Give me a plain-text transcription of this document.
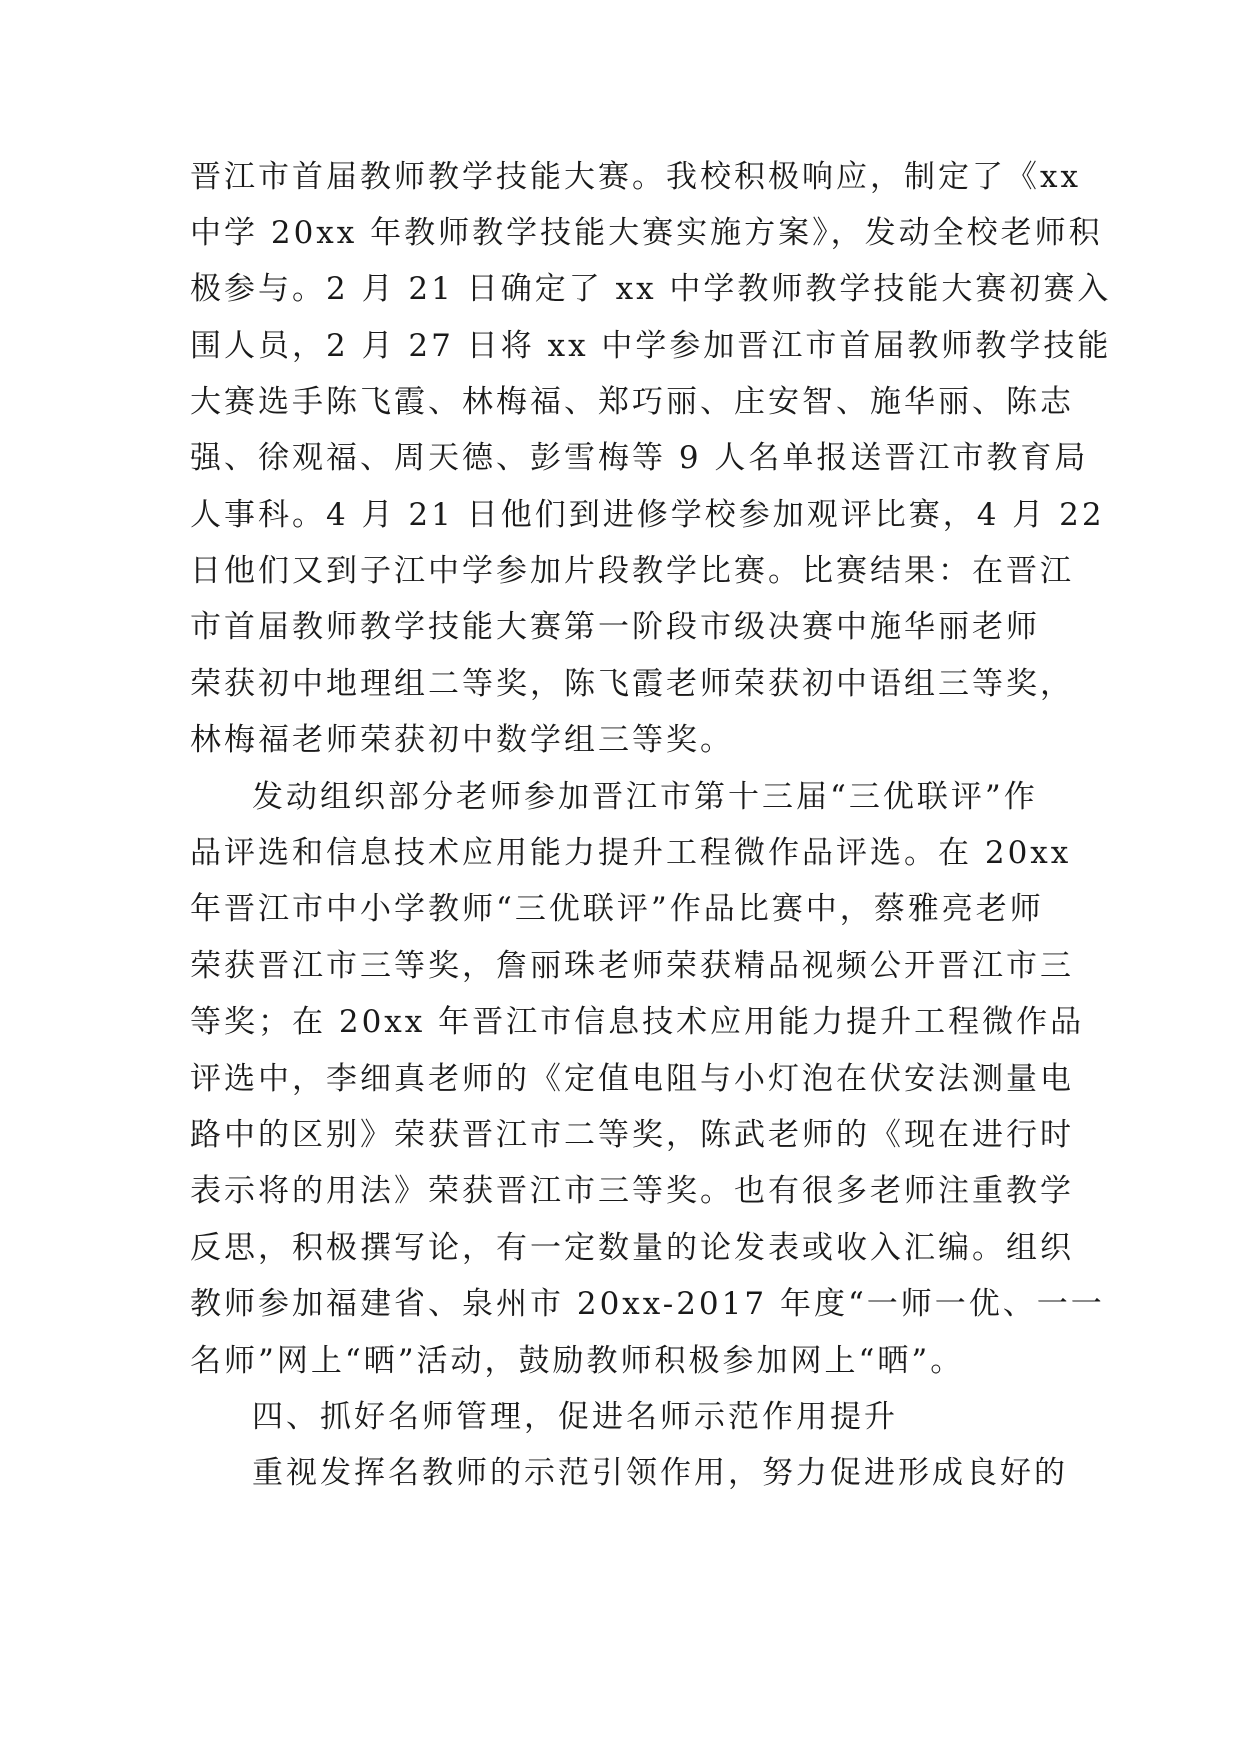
晋江市首届教师教学技能大赛。我校积极响应，制定了《xx
中学 20xx 年教师教学技能大赛实施方案》，发动全校老师积
极参与。2 月 21 日确定了 xx 中学教师教学技能大赛初赛入
围人员，2 月 27 日将 xx 中学参加晋江市首届教师教学技能
大赛选手陈飞霞、林梅福、郑巧丽、庄安智、施华丽、陈志
强、徐观福、周天德、彭雪梅等 9 人名单报送晋江市教育局
人事科。4 月 21 日他们到进修学校参加观评比赛，4 月 22
日他们又到子江中学参加片段教学比赛。比赛结果：在晋江
市首届教师教学技能大赛第一阶段市级决赛中施华丽老师
荣获初中地理组二等奖，陈飞霞老师荣获初中语组三等奖，
林梅福老师荣获初中数学组三等奖。
发动组织部分老师参加晋江市第十三届“三优联评”作
品评选和信息技术应用能力提升工程微作品评选。在 20xx
年晋江市中小学教师“三优联评”作品比赛中，蔡雅亮老师
荣获晋江市三等奖，詹丽珠老师荣获精品视频公开晋江市三
等奖；在 20xx 年晋江市信息技术应用能力提升工程微作品
评选中，李细真老师的《定值电阻与小灯泡在伏安法测量电
路中的区别》荣获晋江市二等奖，陈武老师的《现在进行时
表示将的用法》荣获晋江市三等奖。也有很多老师注重教学
反思，积极撰写论，有一定数量的论发表或收入汇编。组织
教师参加福建省、泉州市 20xx-2017 年度“一师一优、一一
名师”网上“晒”活动，鼓励教师积极参加网上“晒”。
四、抓好名师管理，促进名师示范作用提升
重视发挥名教师的示范引领作用，努力促进形成良好的
